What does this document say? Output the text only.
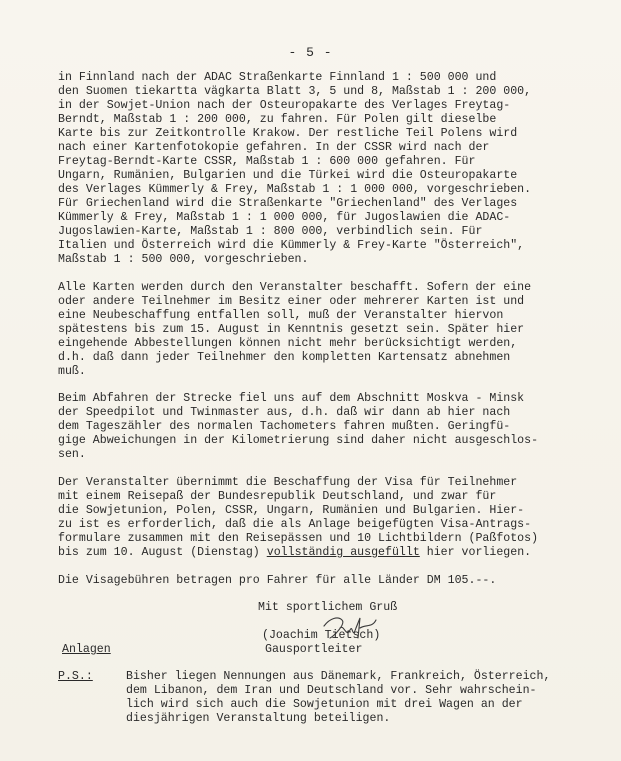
- 5 -
in Finnland nach der ADAC Straßenkarte Finnland 1 : 500 000 und
den Suomen tiekartta vägkarta Blatt 3, 5 und 8, Maßstab 1 : 200 000,
in der Sowjet-Union nach der Osteuropakarte des Verlages Freytag-
Berndt, Maßstab 1 : 200 000, zu fahren. Für Polen gilt dieselbe
Karte bis zur Zeitkontrolle Krakow. Der restliche Teil Polens wird
nach einer Kartenfotokopie gefahren. In der CSSR wird nach der
Freytag-Berndt-Karte CSSR, Maßstab 1 : 600 000 gefahren. Für
Ungarn, Rumänien, Bulgarien und die Türkei wird die Osteuropakarte
des Verlages Kümmerly & Frey, Maßstab 1 : 1 000 000, vorgeschrieben.
Für Griechenland wird die Straßenkarte "Griechenland" des Verlages
Kümmerly & Frey, Maßstab 1 : 1 000 000, für Jugoslawien die ADAC-
Jugoslawien-Karte, Maßstab 1 : 800 000, verbindlich sein. Für
Italien und Österreich wird die Kümmerly & Frey-Karte "Österreich",
Maßstab 1 : 500 000, vorgeschrieben.
Alle Karten werden durch den Veranstalter beschafft. Sofern der eine
oder andere Teilnehmer im Besitz einer oder mehrerer Karten ist und
eine Neubeschaffung entfallen soll, muß der Veranstalter hiervon
spätestens bis zum 15. August in Kenntnis gesetzt sein. Später hier
eingehende Abbestellungen können nicht mehr berücksichtigt werden,
d.h. daß dann jeder Teilnehmer den kompletten Kartensatz abnehmen
muß.
Beim Abfahren der Strecke fiel uns auf dem Abschnitt Moskva - Minsk
der Speedpilot und Twinmaster aus, d.h. daß wir dann ab hier nach
dem Tageszähler des normalen Tachometers fahren mußten. Geringfü-
gige Abweichungen in der Kilometrierung sind daher nicht ausgeschlos-
sen.
Der Veranstalter übernimmt die Beschaffung der Visa für Teilnehmer
mit einem Reisepaß der Bundesrepublik Deutschland, und zwar für
die Sowjetunion, Polen, CSSR, Ungarn, Rumänien und Bulgarien. Hier-
zu ist es erforderlich, daß die als Anlage beigefügten Visa-Antrags-
formulare zusammen mit den Reisepässen und 10 Lichtbildern (Paßfotos)
bis zum 10. August (Dienstag) vollständig ausgefüllt hier vorliegen.
Die Visagebühren betragen pro Fahrer für alle Länder DM 105.--.
Mit sportlichem Gruß
(Joachim Tietsch)
Gausportleiter
Anlagen
P.S.:	Bisher liegen Nennungen aus Dänemark, Frankreich, Österreich,
dem Libanon, dem Iran und Deutschland vor. Sehr wahrschein-
lich wird sich auch die Sowjetunion mit drei Wagen an der
diesjährigen Veranstaltung beteiligen.
